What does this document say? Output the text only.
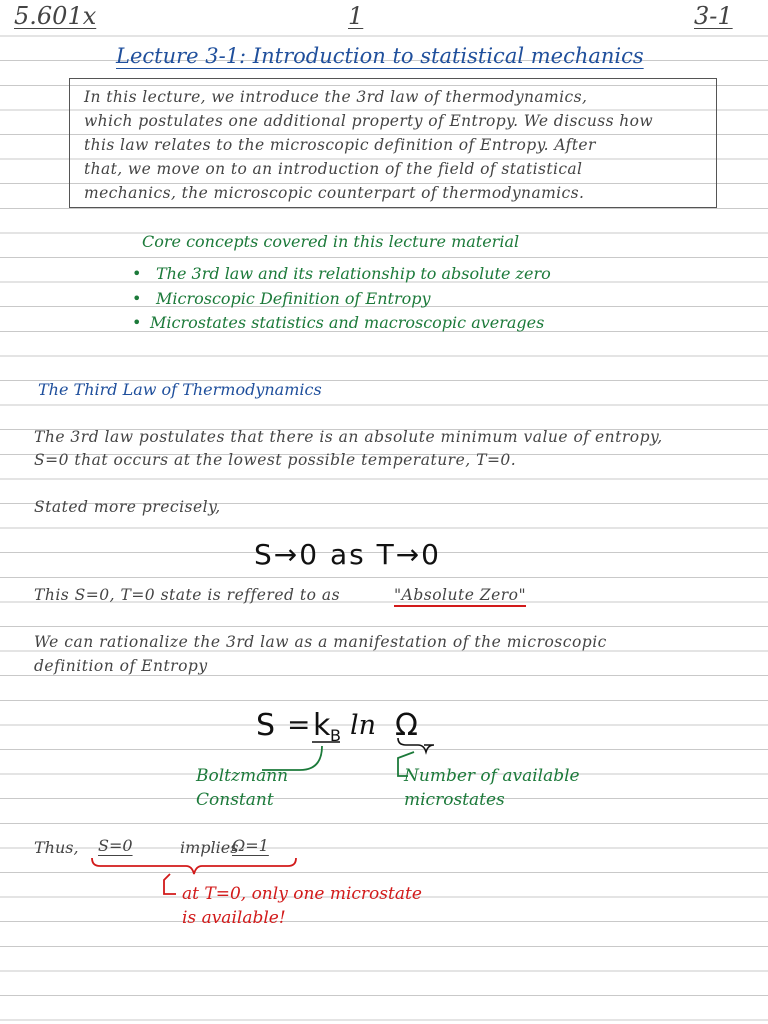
5.601x	1	3-1
Lecture 3-1: Introduction to statistical mechanics
In this lecture, we introduce the 3rd law of thermodynamics,
which postulates one additional property of Entropy. We discuss how
this law relates to the microscopic definition of Entropy. After
that, we move on to an introduction of the field of statistical
mechanics, the microscopic counterpart of thermodynamics.
Core concepts covered in this lecture material
• The 3rd law and its relationship to absolute zero
• Microscopic Definition of Entropy
• Microstates statistics and macroscopic averages
The Third Law of Thermodynamics
The 3rd law postulates that there is an absolute minimum value of entropy,
S=0 that occurs at the lowest possible temperature, T=0.
Stated more precisely,
S→0 as T→0
This S=0, T=0 state is reffered to as	"Absolute Zero"
We can rationalize the 3rd law as a manifestation of the microscopic
definition of Entropy
S = k B ln Ω
Boltzmann
Constant
Number of available
microstates
Thus, S=0	implies
Ω=1
at T=0, only one microstate
is available!
